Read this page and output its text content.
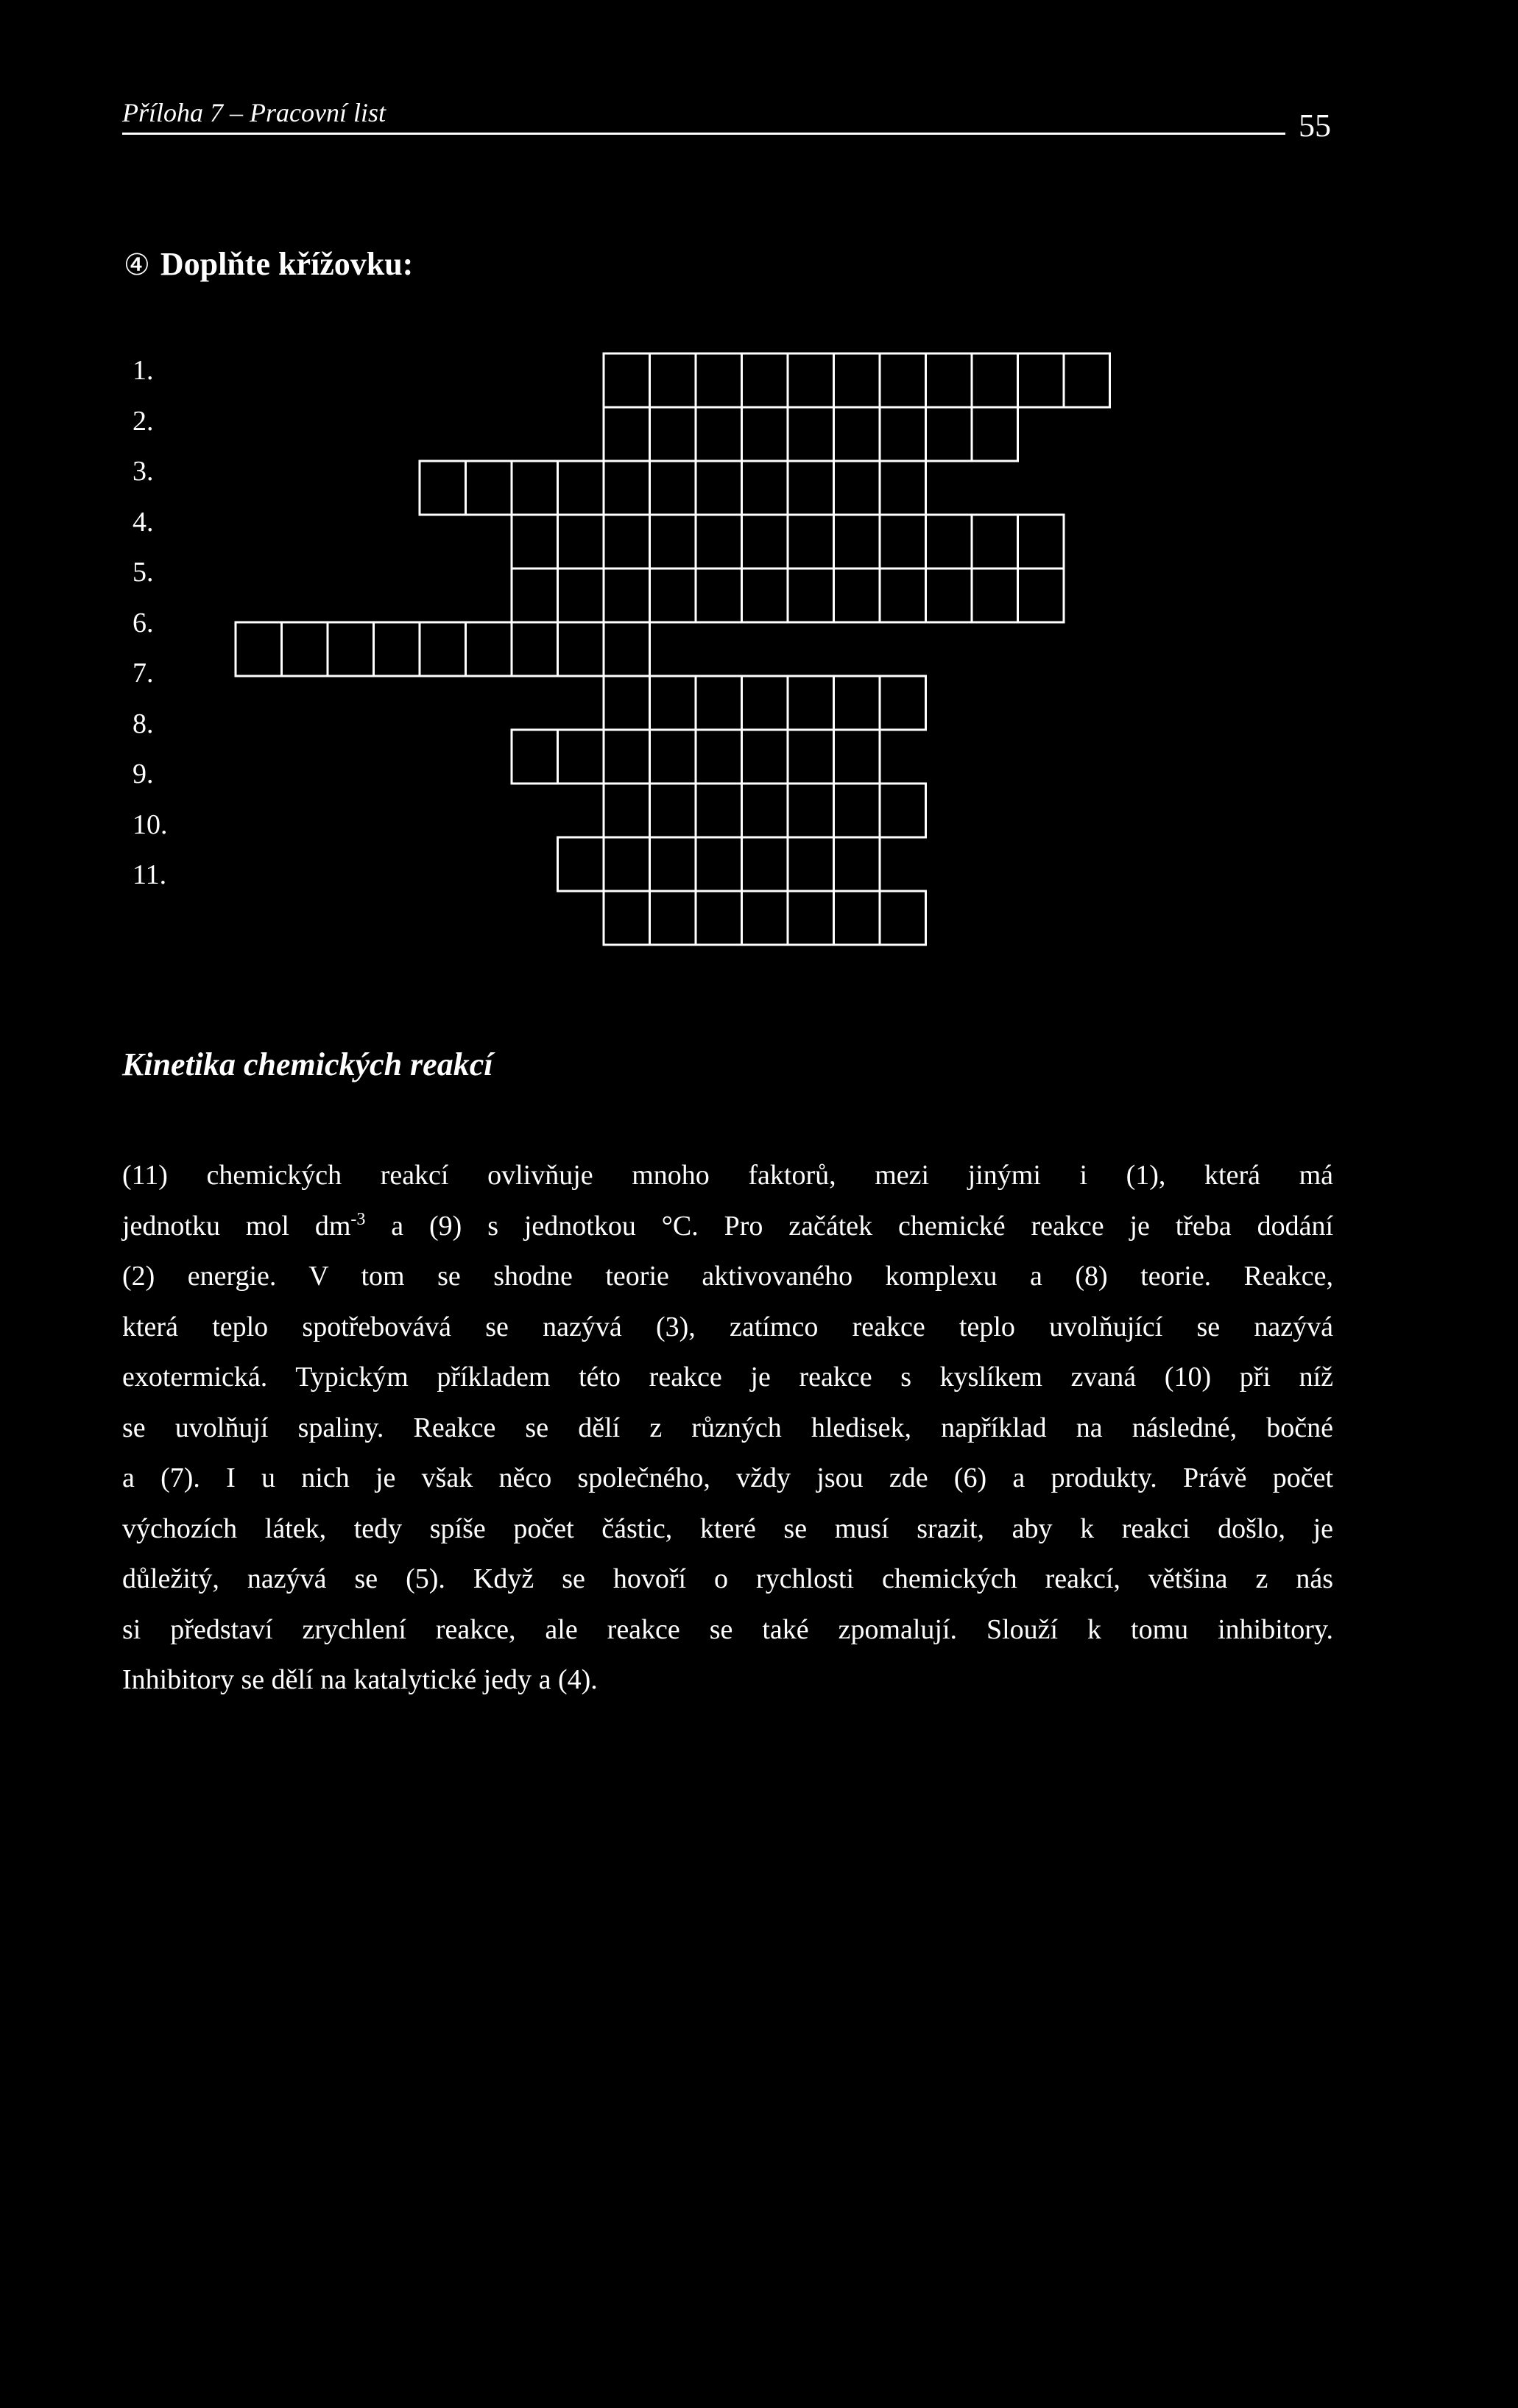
Příloha 7 – Pracovní list	55
④ Doplňte křížovku:
1.
2.
3.
4.
5.
6.
7.
8.
9.
10.
11.
Kinetika chemických reakcí
(11) chemických reakcí ovlivňuje mnoho faktorů, mezi jinými i (1), která má
jednotku mol $dm^{-3}$ a (9) s jednotkou °C. Pro začátek chemické reakce je třeba dodání
(2) energie. V tom se shodne teorie aktivovaného komplexu a (8) teorie. Reakce,
která teplo spotřebovává se nazývá (3), zatímco reakce teplo uvolňující se nazývá
exotermická. Typickým příkladem této reakce je reakce s kyslíkem zvaná (10) při níž
se uvolňují spaliny. Reakce se dělí z různých hledisek, například na následné, bočné
a (7). I u nich je však něco společného, vždy jsou zde (6) a produkty. Právě počet
výchozích látek, tedy spíše počet částic, které se musí srazit, aby k reakci došlo, je
důležitý, nazývá se (5). Když se hovoří o rychlosti chemických reakcí, většina z nás
si představí zrychlení reakce, ale reakce se také zpomalují. Slouží k tomu inhibitory.
Inhibitory se dělí na katalytické jedy a (4).
